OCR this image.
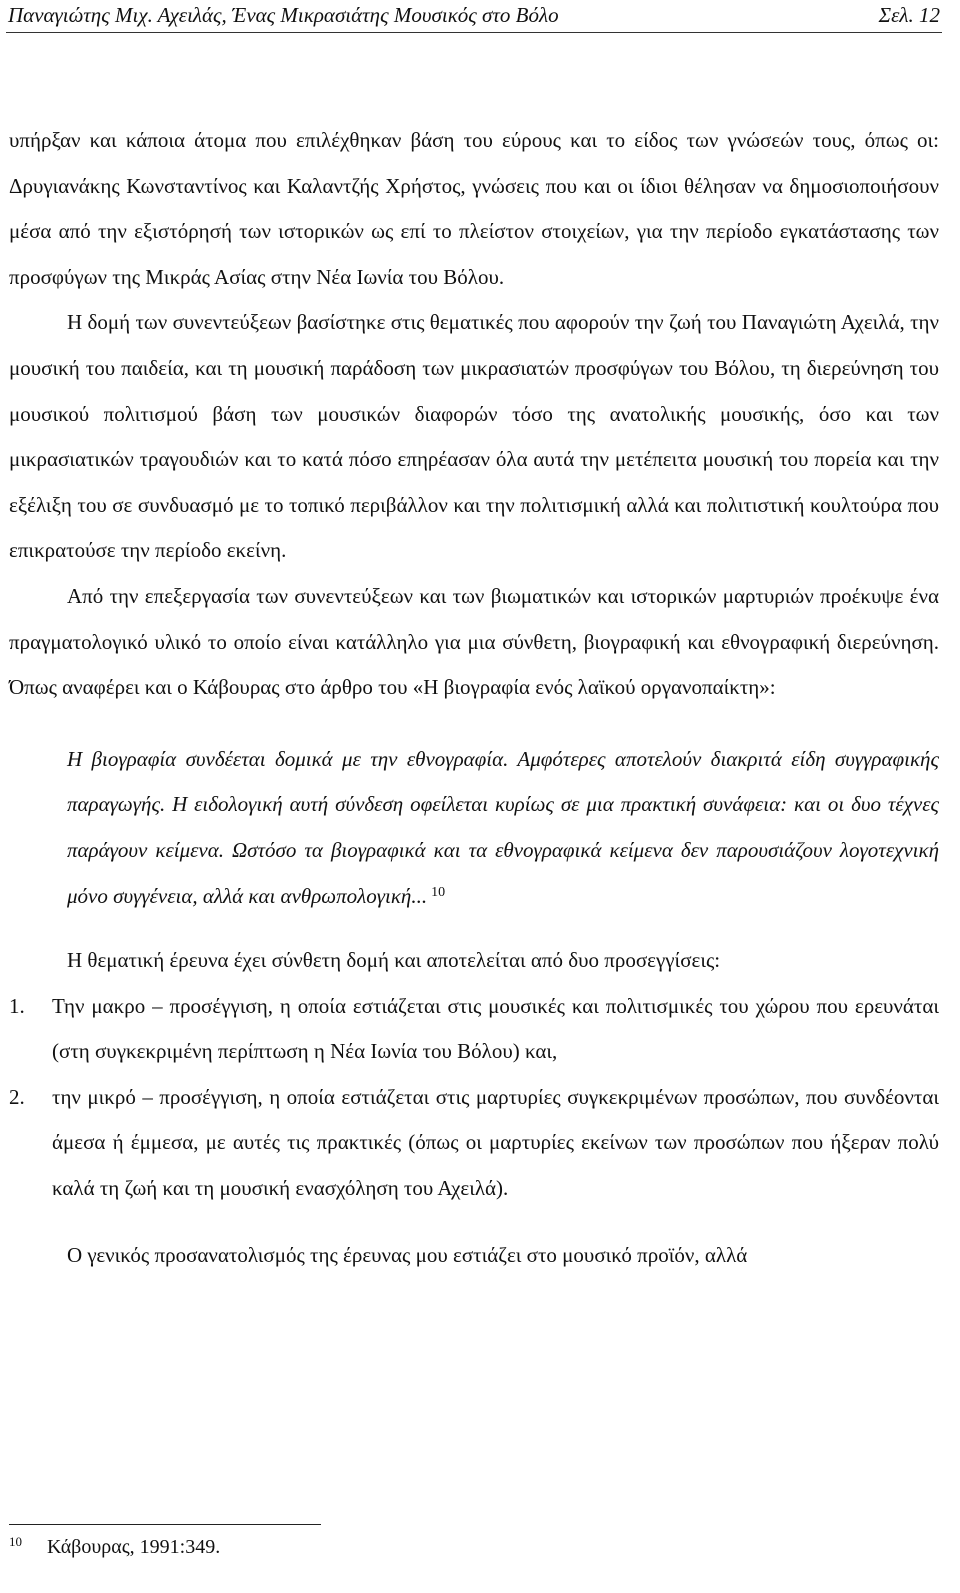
Παναγιώτης Μιχ. Αχειλάς, Ένας Μικρασιάτης Μουσικός στο Βόλο	Σελ. 12

υπήρξαν και κάποια άτομα που επιλέχθηκαν βάση του εύρους και το είδος των γνώσεών τους, όπως οι: Δρυγιανάκης Κωνσταντίνος και Καλαντζής Χρήστος, γνώσεις που και οι ίδιοι θέλησαν να δημοσιοποιήσουν μέσα από την εξιστόρησή των ιστορικών ως επί το πλείστον στοιχείων, για την περίοδο εγκατάστασης των προσφύγων της Μικράς Ασίας στην Νέα Ιωνία του Βόλου.

Η δομή των συνεντεύξεων βασίστηκε στις θεματικές που αφορούν την ζωή του Παναγιώτη Αχειλά, την μουσική του παιδεία, και τη μουσική παράδοση των μικρασιατών προσφύγων του Βόλου, τη διερεύνηση του μουσικού πολιτισμού βάση των μουσικών διαφορών τόσο της ανατολικής μουσικής, όσο και των μικρασιατικών τραγουδιών και το κατά πόσο επηρέασαν όλα αυτά την μετέπειτα μουσική του πορεία και την εξέλιξη του σε συνδυασμό με το τοπικό περιβάλλον και την πολιτισμική αλλά και πολιτιστική κουλτούρα που επικρατούσε την περίοδο εκείνη.

Από την επεξεργασία των συνεντεύξεων και των βιωματικών και ιστορικών μαρτυριών προέκυψε ένα πραγματολογικό υλικό το οποίο είναι κατάλληλο για μια σύνθετη, βιογραφική και εθνογραφική διερεύνηση. Όπως αναφέρει και ο Κάβουρας στο άρθρο του «Η βιογραφία ενός λαϊκού οργανοπαίκτη»:

Η βιογραφία συνδέεται δομικά με την εθνογραφία. Αμφότερες αποτελούν διακριτά είδη συγγραφικής παραγωγής. Η ειδολογική αυτή σύνδεση οφείλεται κυρίως σε μια πρακτική συνάφεια: και οι δυο τέχνες παράγουν κείμενα. Ωστόσο τα βιογραφικά και τα εθνογραφικά κείμενα δεν παρουσιάζουν λογοτεχνική μόνο συγγένεια, αλλά και ανθρωπολογική... $^{10}$

Η θεματική έρευνα έχει σύνθετη δομή και αποτελείται από δυο προσεγγίσεις:

1. Την μακρο – προσέγγιση, η οποία εστιάζεται στις μουσικές και πολιτισμικές του χώρου που ερευνάται (στη συγκεκριμένη περίπτωση η Νέα Ιωνία του Βόλου) και,
2. την μικρό – προσέγγιση, η οποία εστιάζεται στις μαρτυρίες συγκεκριμένων προσώπων, που συνδέονται άμεσα ή έμμεσα, με αυτές τις πρακτικές (όπως οι μαρτυρίες εκείνων των προσώπων που ήξεραν πολύ καλά τη ζωή και τη μουσική ενασχόληση του Αχειλά).

Ο γενικός προσανατολισμός της έρευνας μου εστιάζει στο μουσικό προϊόν, αλλά

$^{10}$ Κάβουρας, 1991:349.
